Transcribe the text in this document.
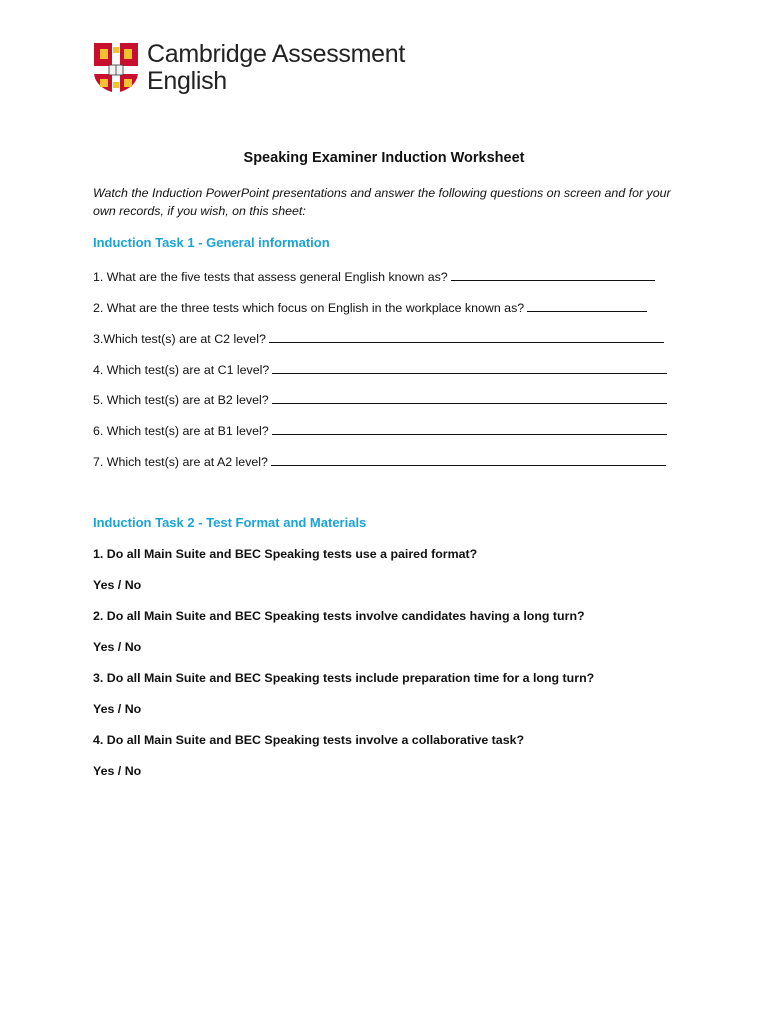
Cambridge Assessment
English
Speaking Examiner Induction Worksheet
Watch the Induction PowerPoint presentations and answer the following questions on screen and for your own records, if you wish, on this sheet:
Induction Task 1 - General information
1. What are the five tests that assess general English known as?
2. What are the three tests which focus on English in the workplace known as?
3.Which test(s) are at C2 level?
4. Which test(s) are at C1 level?
5. Which test(s) are at B2 level?
6. Which test(s) are at B1 level?
7. Which test(s) are at A2 level?
Induction Task 2 - Test Format and Materials
1. Do all Main Suite and BEC Speaking tests use a paired format?
Yes / No
2. Do all Main Suite and BEC Speaking tests involve candidates having a long turn?
Yes / No
3. Do all Main Suite and BEC Speaking tests include preparation time for a long turn?
Yes / No
4. Do all Main Suite and BEC Speaking tests involve a collaborative task?
Yes / No
